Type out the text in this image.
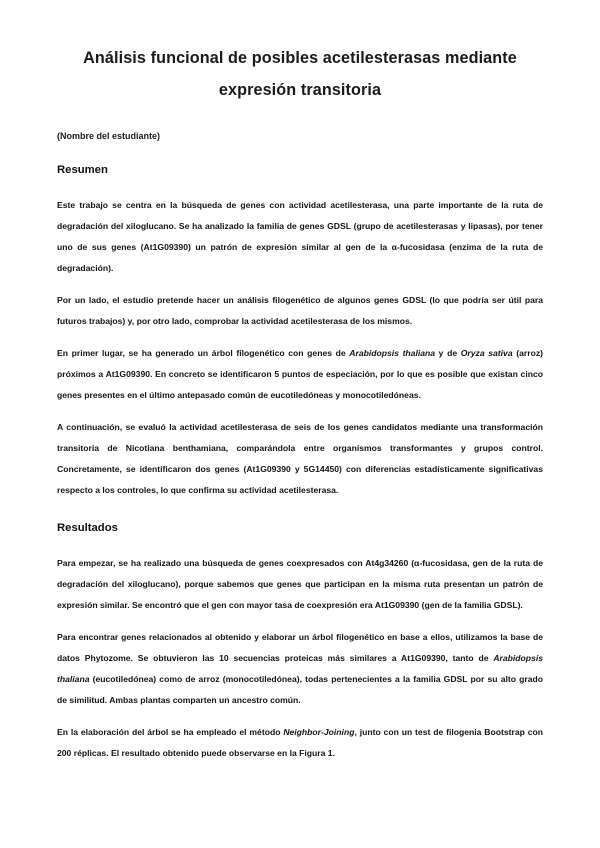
Análisis funcional de posibles acetilesterasas mediante
expresión transitoria

(Nombre del estudiante)

Resumen

Este trabajo se centra en la búsqueda de genes con actividad acetilesterasa, una parte importante de la ruta de degradación del xiloglucano. Se ha analizado la familia de genes GDSL (grupo de acetilesterasas y lipasas), por tener uno de sus genes (At1G09390) un patrón de expresión similar al gen de la α-fucosidasa (enzima de la ruta de degradación).

Por un lado, el estudio pretende hacer un análisis filogenético de algunos genes GDSL (lo que podría ser útil para futuros trabajos) y, por otro lado, comprobar la actividad acetilesterasa de los mismos.

En primer lugar, se ha generado un árbol filogenético con genes de Arabidopsis thaliana y de Oryza sativa (arroz) próximos a At1G09390. En concreto se identificaron 5 puntos de especiación, por lo que es posible que existan cinco genes presentes en el último antepasado común de eucotiledóneas y monocotiledóneas.

A continuación, se evaluó la actividad acetilesterasa de seis de los genes candidatos mediante una transformación transitoria de Nicotiana benthamiana, comparándola entre organismos transformantes y grupos control. Concretamente, se identificaron dos genes (At1G09390 y 5G14450) con diferencias estadísticamente significativas respecto a los controles, lo que confirma su actividad acetilesterasa.

Resultados

Para empezar, se ha realizado una búsqueda de genes coexpresados con At4g34260 (α-fucosidasa, gen de la ruta de degradación del xiloglucano), porque sabemos que genes que participan en la misma ruta presentan un patrón de expresión similar. Se encontró que el gen con mayor tasa de coexpresión era At1G09390 (gen de la familia GDSL).

Para encontrar genes relacionados al obtenido y elaborar un árbol filogenético en base a ellos, utilizamos la base de datos Phytozome. Se obtuvieron las 10 secuencias proteicas más similares a At1G09390, tanto de Arabidopsis thaliana (eucotiledónea) como de arroz (monocotiledónea), todas pertenecientes a la familia GDSL por su alto grado de similitud. Ambas plantas comparten un ancestro común.

En la elaboración del árbol se ha empleado el método Neighbor-Joining, junto con un test de filogenia Bootstrap con 200 réplicas. El resultado obtenido puede observarse en la Figura 1.
